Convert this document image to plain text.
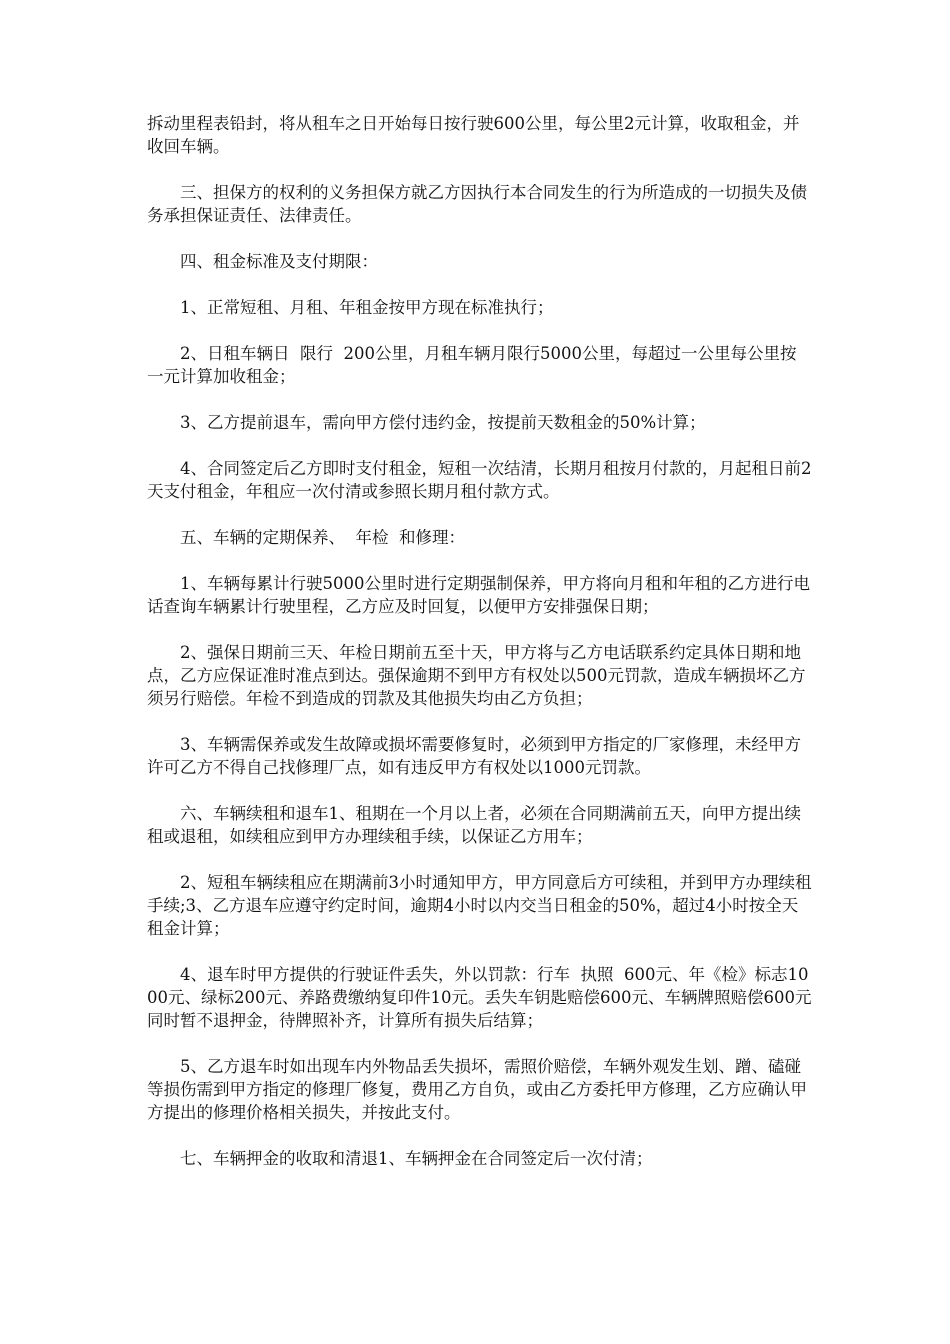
拆动里程表铅封，将从租车之日开始每日按行驶600公里，每公里2元计算，收取租金，并收回车辆。

三、担保方的权利的义务担保方就乙方因执行本合同发生的行为所造成的一切损失及债务承担保证责任、法律责任。

四、租金标准及支付期限：

1、正常短租、月租、年租金按甲方现在标准执行；

2、日租车辆日  限行  200公里，月租车辆月限行5000公里，每超过一公里每公里按一元计算加收租金；

3、乙方提前退车，需向甲方偿付违约金，按提前天数租金的50%计算；

4、合同签定后乙方即时支付租金，短租一次结清，长期月租按月付款的，月起租日前2天支付租金，年租应一次付清或参照长期月租付款方式。

五、车辆的定期保养、  年检  和修理：

1、车辆每累计行驶5000公里时进行定期强制保养，甲方将向月租和年租的乙方进行电话查询车辆累计行驶里程，乙方应及时回复，以便甲方安排强保日期；

2、强保日期前三天、年检日期前五至十天，甲方将与乙方电话联系约定具体日期和地点，乙方应保证准时准点到达。强保逾期不到甲方有权处以500元罚款，造成车辆损坏乙方须另行赔偿。年检不到造成的罚款及其他损失均由乙方负担；

3、车辆需保养或发生故障或损坏需要修复时，必须到甲方指定的厂家修理，未经甲方许可乙方不得自己找修理厂点，如有违反甲方有权处以1000元罚款。

六、车辆续租和退车1、租期在一个月以上者，必须在合同期满前五天，向甲方提出续租或退租，如续租应到甲方办理续租手续，以保证乙方用车；

2、短租车辆续租应在期满前3小时通知甲方，甲方同意后方可续租，并到甲方办理续租手续;3、乙方退车应遵守约定时间，逾期4小时以内交当日租金的50%，超过4小时按全天租金计算；

4、退车时甲方提供的行驶证件丢失，外以罚款：行车  执照  600元、年《检》标志1000元、绿标200元、养路费缴纳复印件10元。丢失车钥匙赔偿600元、车辆牌照赔偿600元同时暂不退押金，待牌照补齐，计算所有损失后结算；

5、乙方退车时如出现车内外物品丢失损坏，需照价赔偿，车辆外观发生划、蹭、磕碰等损伤需到甲方指定的修理厂修复，费用乙方自负，或由乙方委托甲方修理，乙方应确认甲方提出的修理价格相关损失，并按此支付。

七、车辆押金的收取和清退1、车辆押金在合同签定后一次付清；
